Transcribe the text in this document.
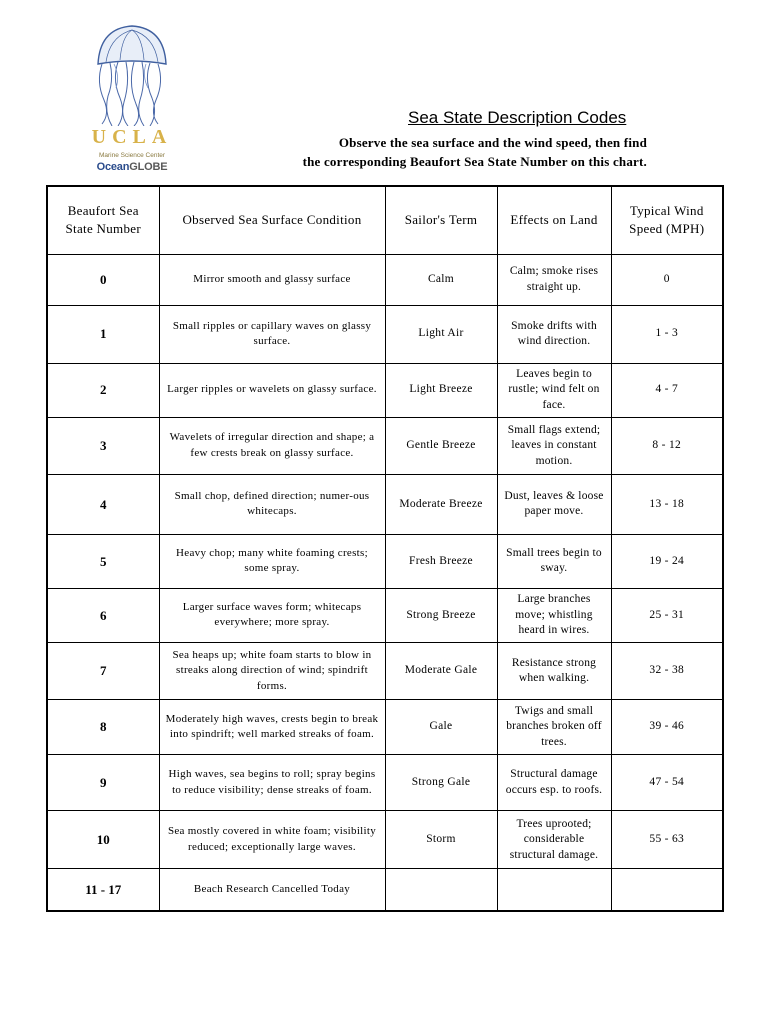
UCLA
Marine Science Center
OceanGLOBE
Sea State Description Codes
Observe the sea surface and the wind speed, then find
the corresponding Beaufort Sea State Number on this chart.
Beaufort Sea State Number	Observed Sea Surface Condition	Sailor's Term	Effects on Land	Typical Wind Speed (MPH)
0	Mirror smooth and glassy surface	Calm	Calm; smoke rises straight up.	0
1	Small ripples or capillary waves on glassy surface.	Light Air	Smoke drifts with wind direction.	1 - 3
2	Larger ripples or wavelets on glassy surface.	Light Breeze	Leaves begin to rustle; wind felt on face.	4 - 7
3	Wavelets of irregular direction and shape; a few crests break on glassy surface.	Gentle Breeze	Small flags extend; leaves in constant motion.	8 - 12
4	Small chop, defined direction; numer-ous whitecaps.	Moderate Breeze	Dust, leaves & loose paper move.	13 - 18
5	Heavy chop; many white foaming crests; some spray.	Fresh Breeze	Small trees begin to sway.	19 - 24
6	Larger surface waves form; whitecaps everywhere; more spray.	Strong Breeze	Large branches move; whistling heard in wires.	25 - 31
7	Sea heaps up; white foam starts to blow in streaks along direction of wind; spindrift forms.	Moderate Gale	Resistance strong when walking.	32 - 38
8	Moderately high waves, crests begin to break into spindrift; well marked streaks of foam.	Gale	Twigs and small branches broken off trees.	39 - 46
9	High waves, sea begins to roll; spray begins to reduce visibility; dense streaks of foam.	Strong Gale	Structural damage occurs esp. to roofs.	47 - 54
10	Sea mostly covered in white foam; visibility reduced; exceptionally large waves.	Storm	Trees uprooted; considerable structural damage.	55 - 63
11 - 17	Beach Research Cancelled Today			
